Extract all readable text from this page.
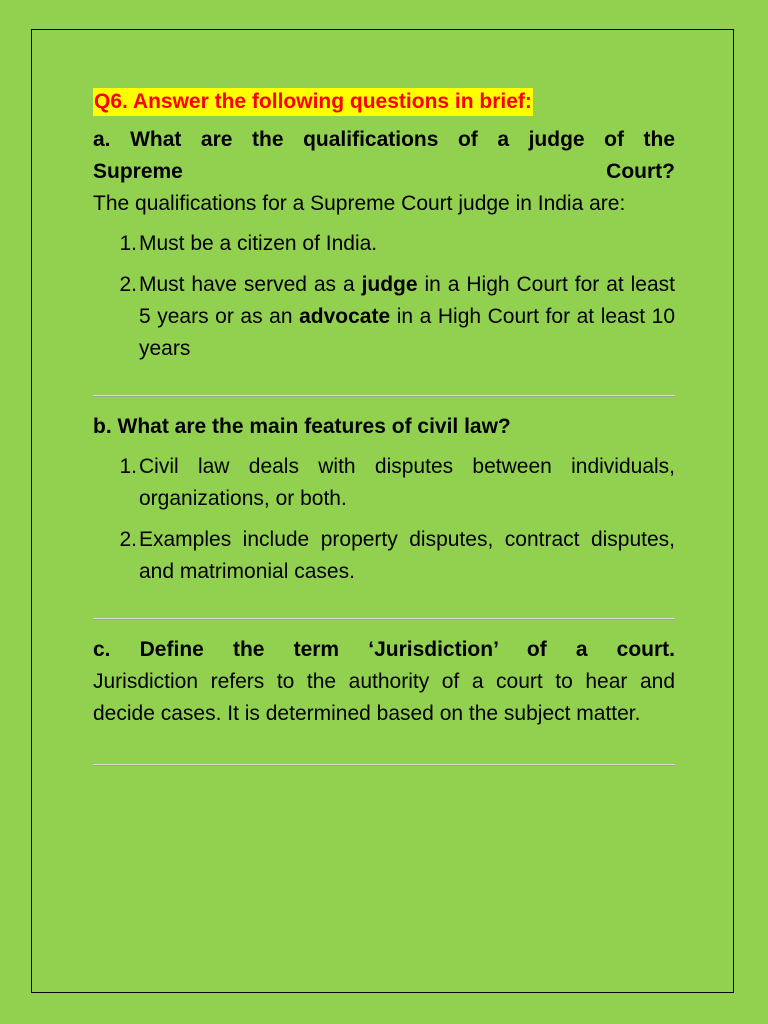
Q6. Answer the following questions in brief:
a. What are the qualifications of a judge of the
Supreme Court?
The qualifications for a Supreme Court judge in India are:
1. Must be a citizen of India.
2. Must have served as a judge in a High Court for at least 5 years or as an advocate in a High Court for at least 10 years
b. What are the main features of civil law?
1. Civil law deals with disputes between individuals, organizations, or both.
2. Examples include property disputes, contract disputes, and matrimonial cases.
c. Define the term ‘Jurisdiction’ of a court.
Jurisdiction refers to the authority of a court to hear and decide cases. It is determined based on the subject matter.
